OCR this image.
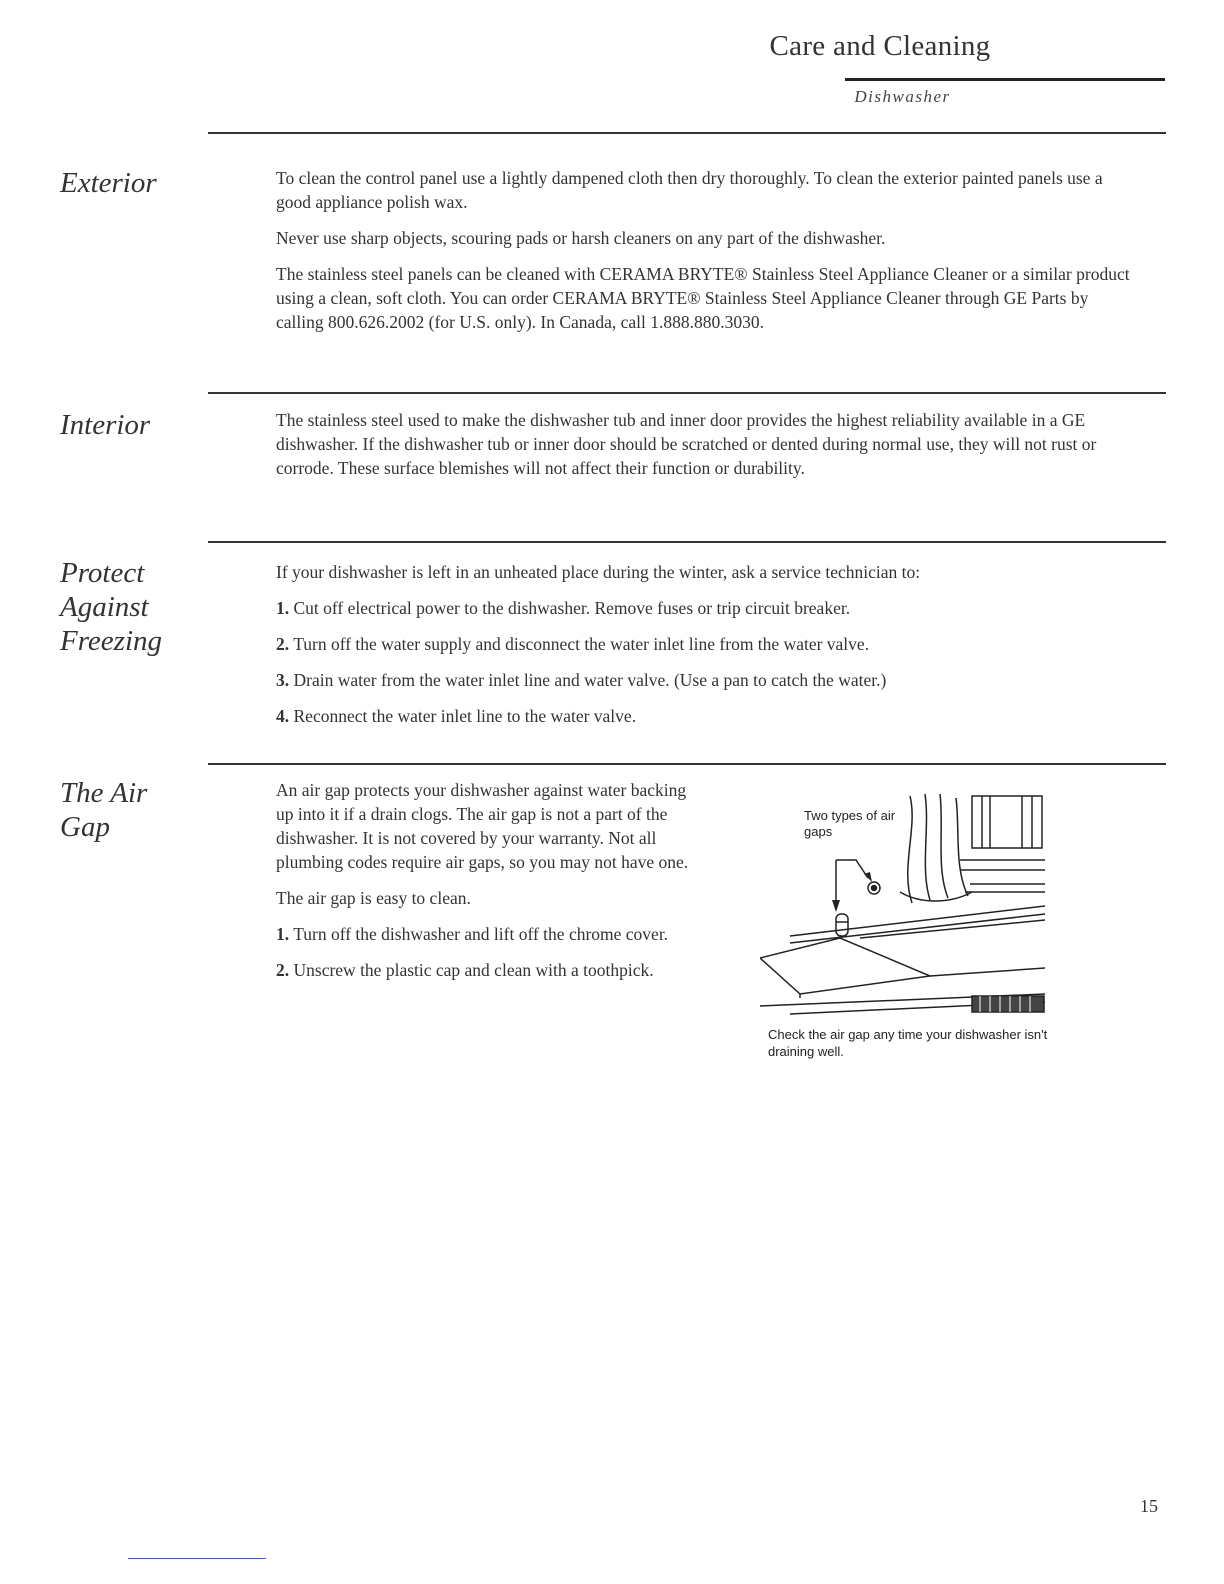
Care and Cleaning
Dishwasher
Exterior	To clean the control panel use a lightly dampened cloth then dry thoroughly. To clean the exterior painted panels use a good appliance polish wax.

Never use sharp objects, scouring pads or harsh cleaners on any part of the dishwasher.

The stainless steel panels can be cleaned with CERAMA BRYTE® Stainless Steel Appliance Cleaner or a similar product using a clean, soft cloth. You can order CERAMA BRYTE® Stainless Steel Appliance Cleaner through GE Parts by calling 800.626.2002 (for U.S. only). In Canada, call 1.888.880.3030.

Interior	The stainless steel used to make the dishwasher tub and inner door provides the highest reliability available in a GE dishwasher. If the dishwasher tub or inner door should be scratched or dented during normal use, they will not rust or corrode. These surface blemishes will not affect their function or durability.

Protect
Against
Freezing

If your dishwasher is left in an unheated place during the winter, ask a service technician to:

1. Cut off electrical power to the dishwasher. Remove fuses or trip circuit breaker.
2. Turn off the water supply and disconnect the water inlet line from the water valve.
3. Drain water from the water inlet line and water valve. (Use a pan to catch the water.)
4. Reconnect the water inlet line to the water valve.
The Air
Gap

An air gap protects your dishwasher against water backing up into it if a drain clogs. The air gap is not a part of the dishwasher. It is not covered by your warranty. Not all plumbing codes require air gaps, so you may not have one.

The air gap is easy to clean.

1. Turn off the dishwasher and lift off the chrome cover.
2. Unscrew the plastic cap and clean with a toothpick.
Two types of air gaps
Check the air gap any time your dishwasher isn't draining well.
15
